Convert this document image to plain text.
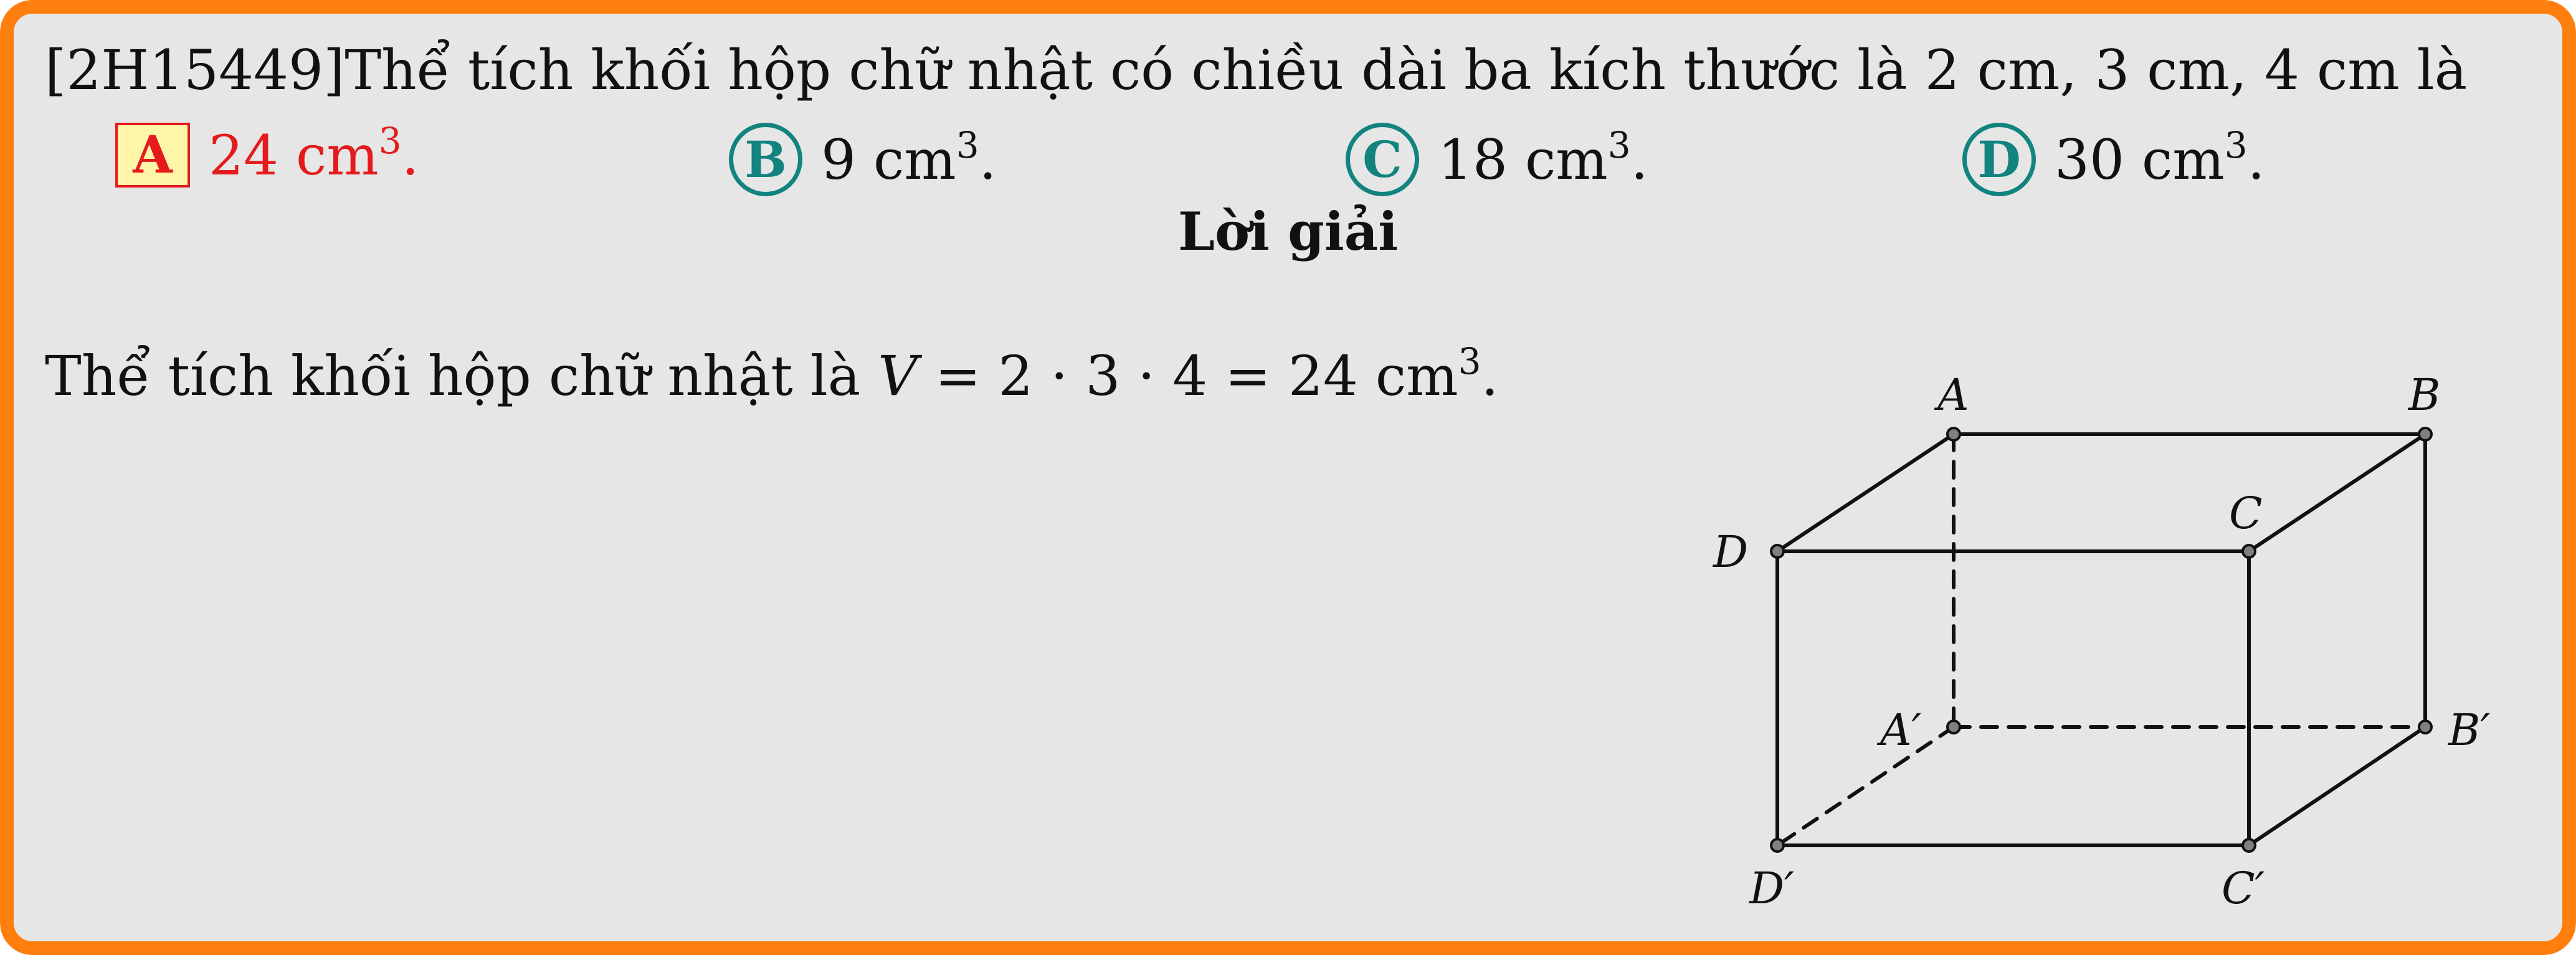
[2H15449]Thể tích khối hộp chữ nhật có chiều dài ba kích thước là 2 cm, 3 cm, 4 cm là
A 24 $cm^3$.	B 9 $cm^3$.	C 18 $cm^3$.	D 30 $cm^3$.
Lời giải
Thể tích khối hộp chữ nhật là V = 2 · 3 · 4 = 24 $cm^3$.	A	B
C
D
A′	B′
C′
D′
